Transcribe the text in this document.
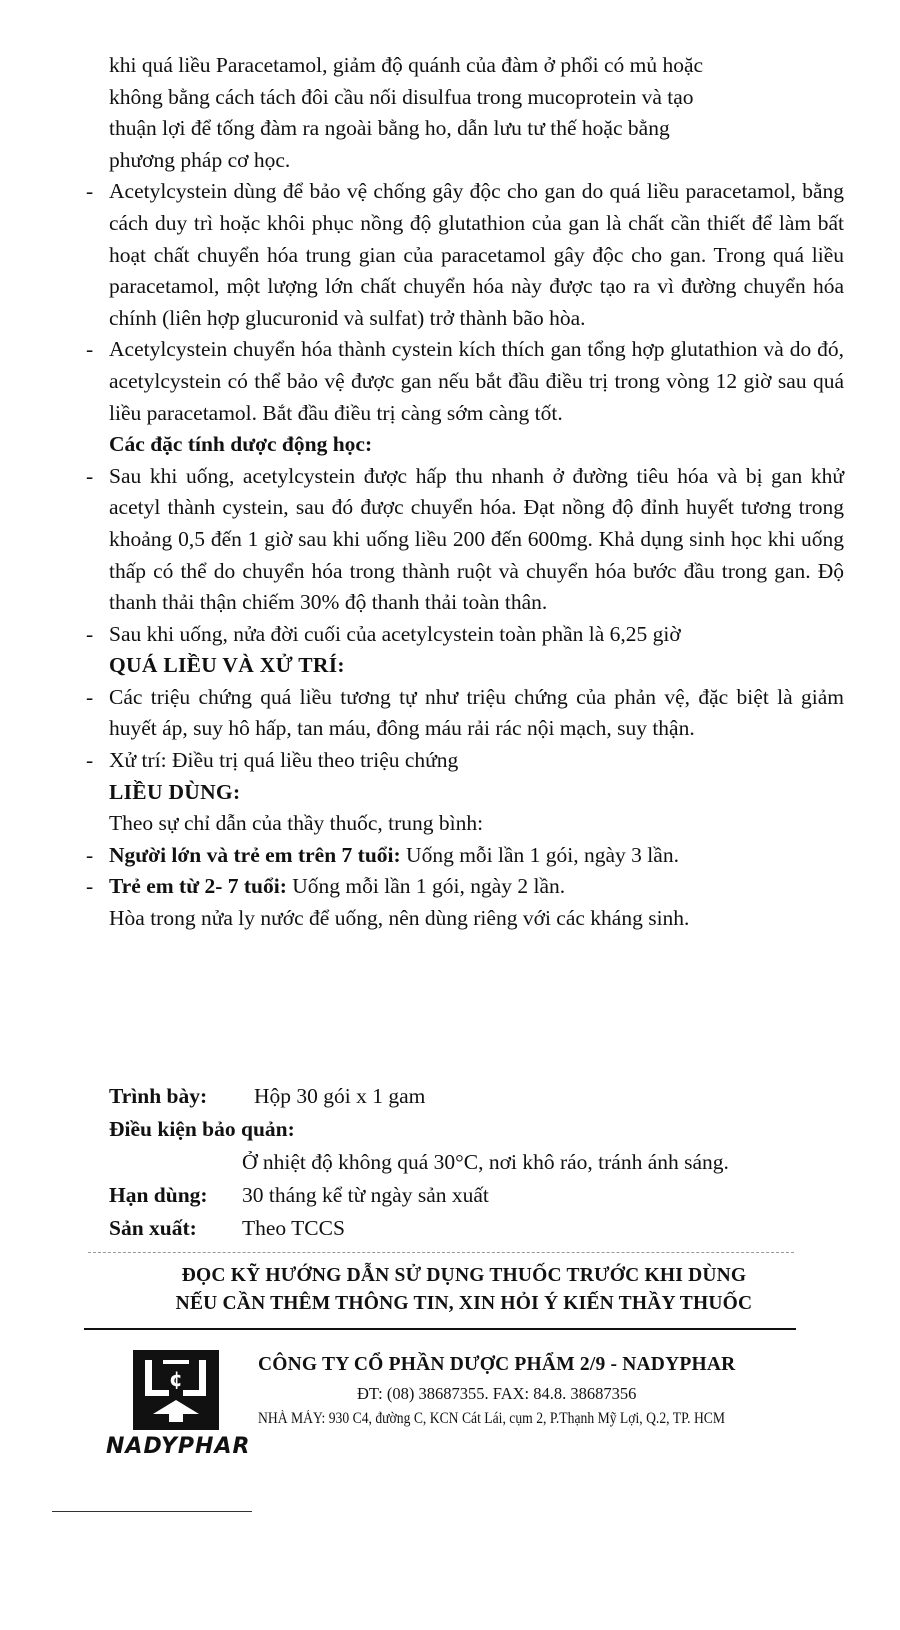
khi quá liều Paracetamol, giảm độ quánh của đàm ở phổi có mủ hoặc

không bằng cách tách đôi cầu nối disulfua trong mucoprotein và tạo

thuận lợi để tống đàm ra ngoài bằng ho, dẫn lưu tư thế hoặc bằng

phương pháp cơ học.

- Acetylcystein dùng để bảo vệ chống gây độc cho gan do quá liều paracetamol, bằng cách duy trì hoặc khôi phục nồng độ glutathion của gan là chất cần thiết để làm bất hoạt chất chuyển hóa trung gian của paracetamol gây độc cho gan. Trong quá liều paracetamol, một lượng lớn chất chuyển hóa này được tạo ra vì đường chuyển hóa chính (liên hợp glucuronid và sulfat) trở thành bão hòa.

- Acetylcystein chuyển hóa thành cystein kích thích gan tổng hợp glutathion và do đó, acetylcystein có thể bảo vệ được gan nếu bắt đầu điều trị trong vòng 12 giờ sau quá liều paracetamol. Bắt đầu điều trị càng sớm càng tốt.

Các đặc tính dược động học:

- Sau khi uống, acetylcystein được hấp thu nhanh ở đường tiêu hóa và bị gan khử acetyl thành cystein, sau đó được chuyển hóa. Đạt nồng độ đỉnh huyết tương trong khoảng 0,5 đến 1 giờ sau khi uống liều 200 đến 600mg. Khả dụng sinh học khi uống thấp có thể do chuyển hóa trong thành ruột và chuyển hóa bước đầu trong gan. Độ thanh thải thận chiếm 30% độ thanh thải toàn thân.

- Sau khi uống, nửa đời cuối của acetylcystein toàn phần là 6,25 giờ

QUÁ LIỀU VÀ XỬ TRÍ:

- Các triệu chứng quá liều tương tự như triệu chứng của phản vệ, đặc biệt là giảm huyết áp, suy hô hấp, tan máu, đông máu rải rác nội mạch, suy thận.

- Xử trí: Điều trị quá liều theo triệu chứng

LIỀU DÙNG:

Theo sự chỉ dẫn của thầy thuốc, trung bình:

- Người lớn và trẻ em trên 7 tuổi: Uống mỗi lần 1 gói, ngày 3 lần.

- Trẻ em từ 2- 7 tuổi: Uống mỗi lần 1 gói, ngày 2 lần.

Hòa trong nửa ly nước để uống, nên dùng riêng với các kháng sinh.

Trình bày: Hộp 30 gói x 1 gam
Điều kiện bảo quản:
Ở nhiệt độ không quá 30°C, nơi khô ráo, tránh ánh sáng.
Hạn dùng: 30 tháng kể từ ngày sản xuất
Sản xuất: Theo TCCS
ĐỌC KỸ HƯỚNG DẪN SỬ DỤNG THUỐC TRƯỚC KHI DÙNG
NẾU CẦN THÊM THÔNG TIN, XIN HỎI Ý KIẾN THẦY THUỐC
¢
NADYPHAR
CÔNG TY CỔ PHẦN DƯỢC PHẨM 2/9 - NADYPHAR
ĐT: (08) 38687355. FAX: 84.8. 38687356
NHÀ MÁY: 930 C4, đường C, KCN Cát Lái, cụm 2, P.Thạnh Mỹ Lợi, Q.2, TP. HCM
